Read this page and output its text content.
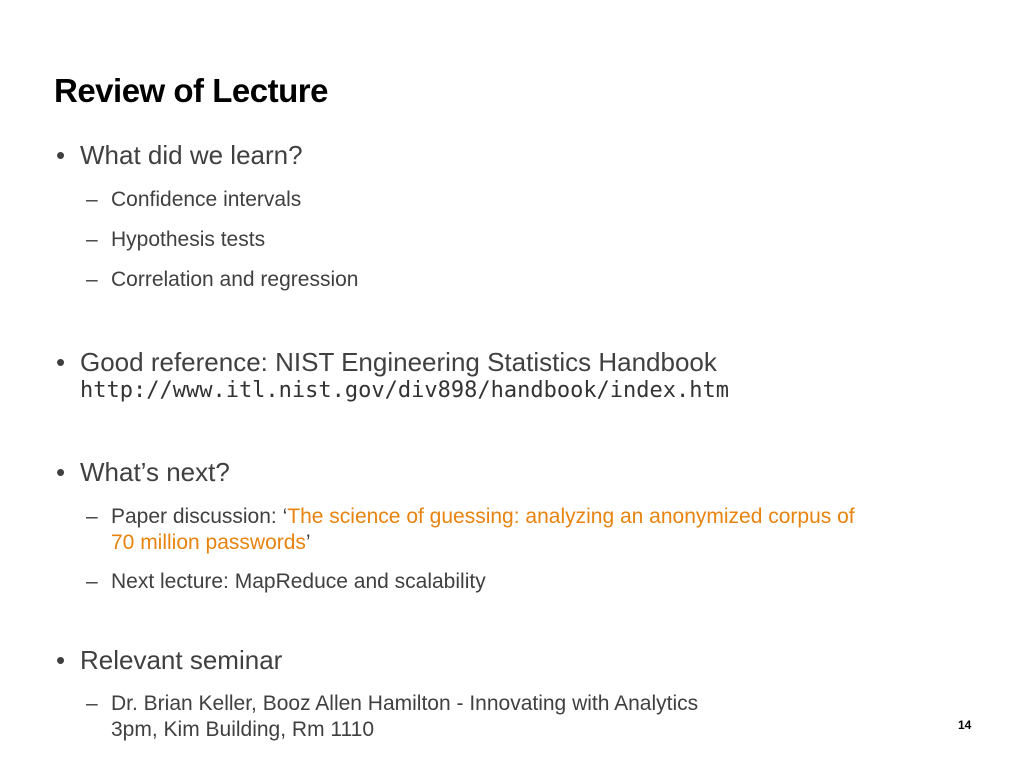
Review of Lecture
• What did we learn?
– Confidence intervals
– Hypothesis tests
– Correlation and regression
• Good reference: NIST Engineering Statistics Handbook
http://www.itl.nist.gov/div898/handbook/index.htm
• What’s next?
– Paper discussion: ‘The science of guessing: analyzing an anonymized corpus of
70 million passwords’
– Next lecture: MapReduce and scalability
• Relevant seminar
– Dr. Brian Keller, Booz Allen Hamilton - Innovating with Analytics
3pm, Kim Building, Rm 1110	14
